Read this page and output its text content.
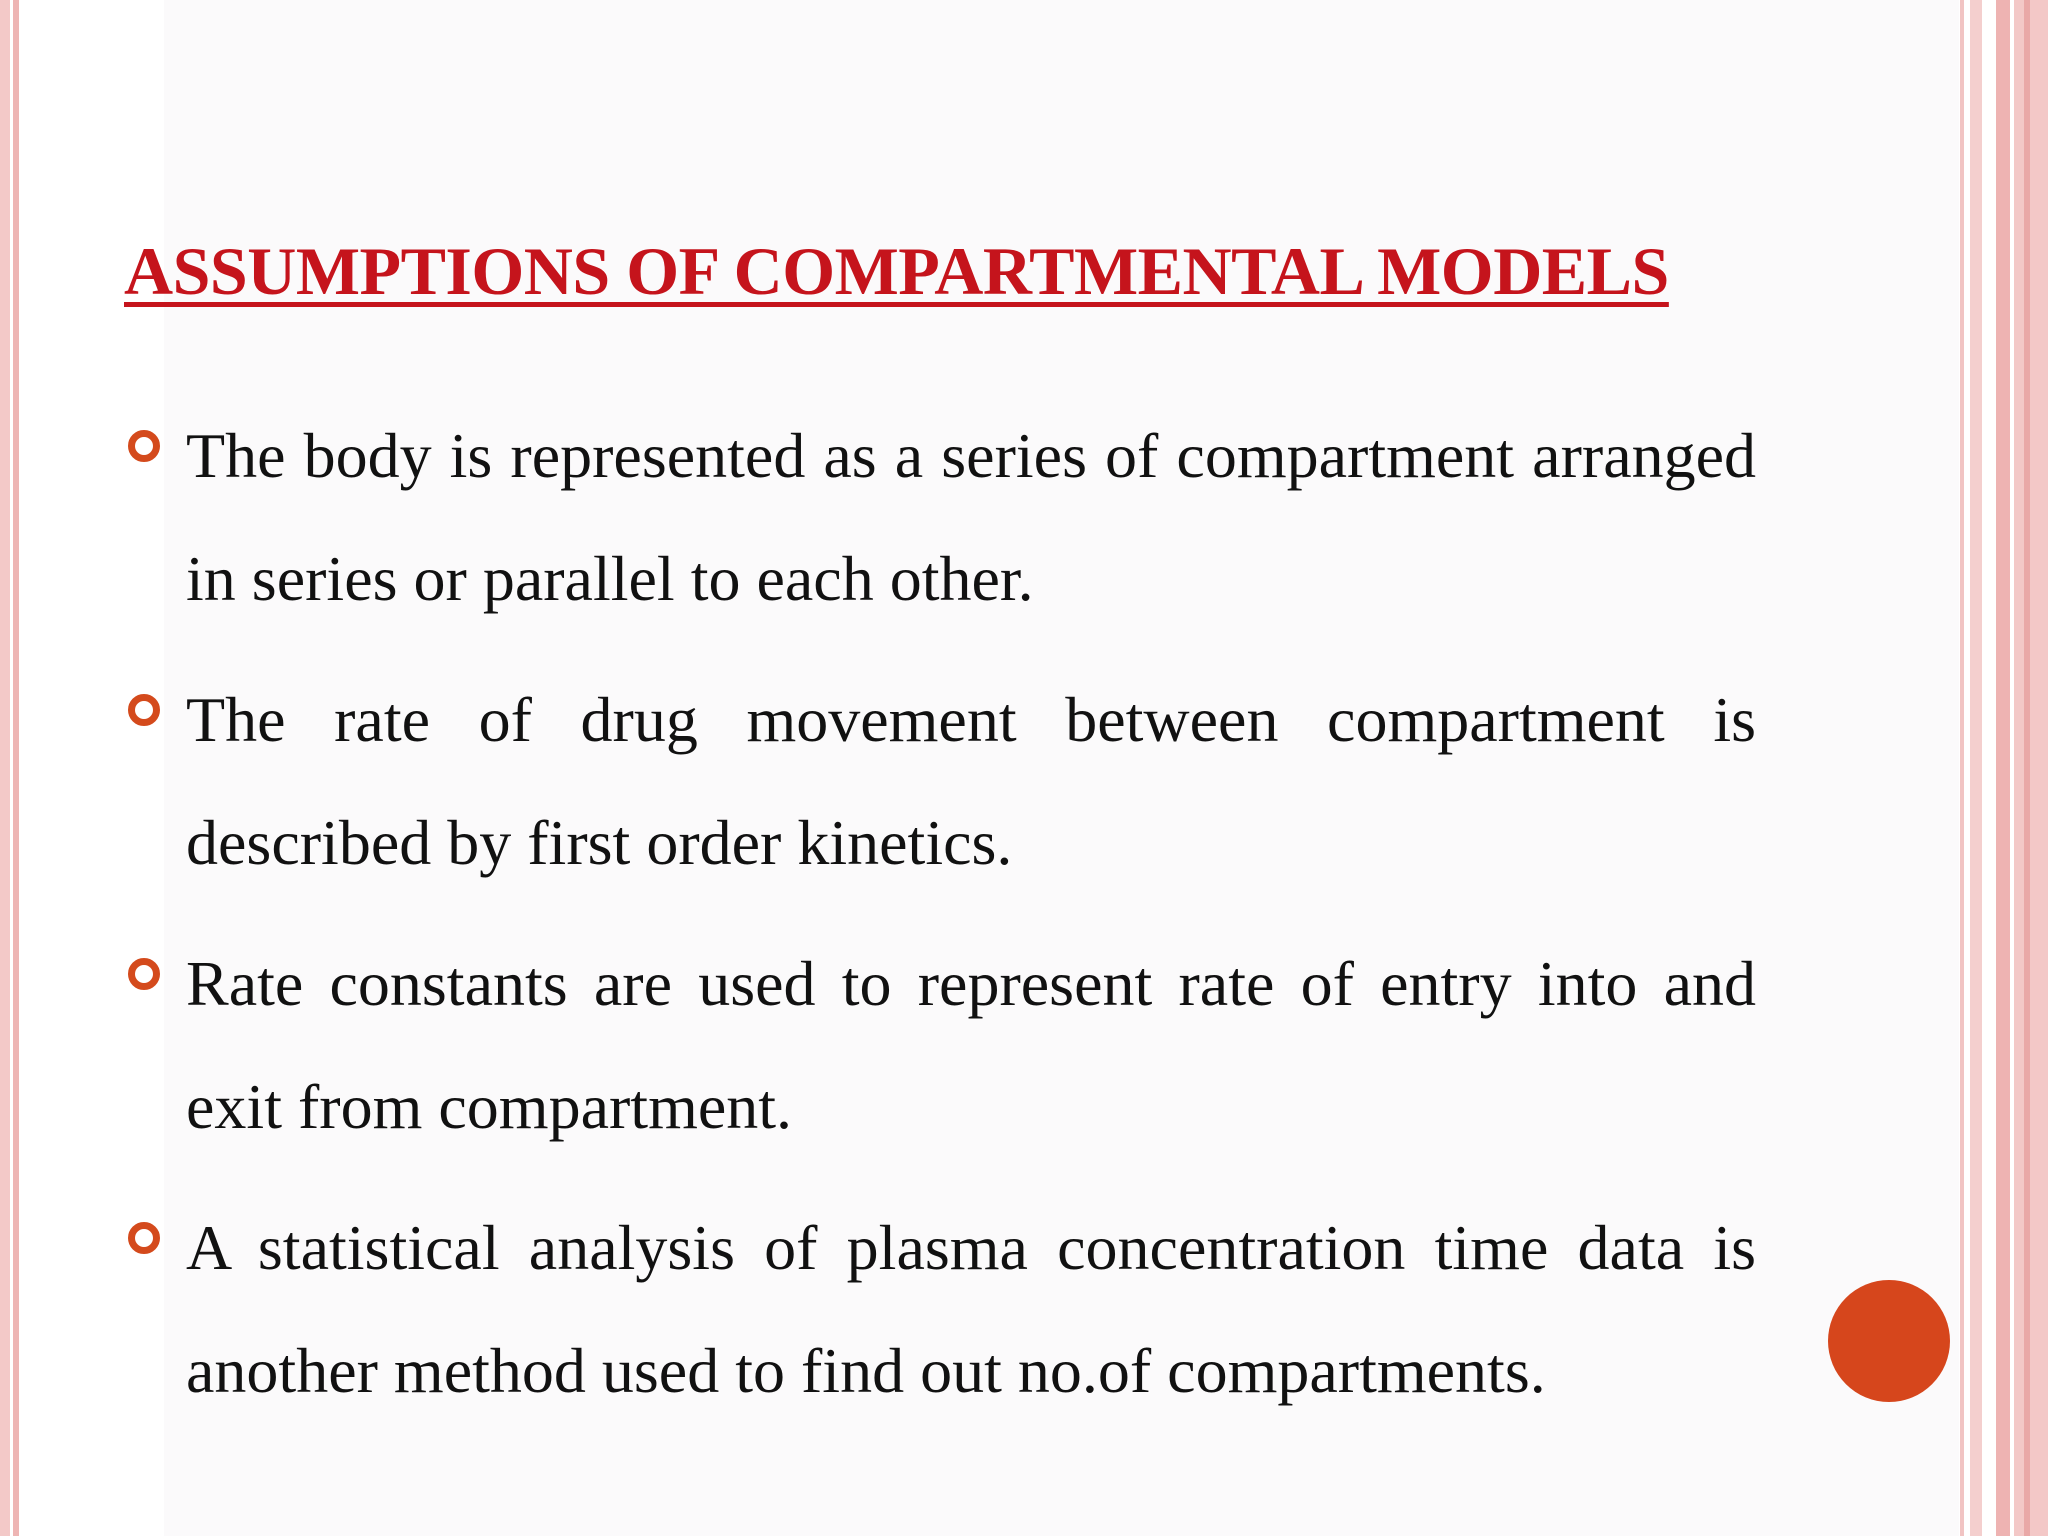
ASSUMPTIONS OF COMPARTMENTAL MODELS
The body is represented as a series of compartment arranged in series or parallel to each other.
The rate of drug movement between compartment is described by first order kinetics.
Rate constants are used to represent rate of entry into and exit from compartment.
A statistical analysis of plasma concentration time data is another method used to find out no.of compartments.
